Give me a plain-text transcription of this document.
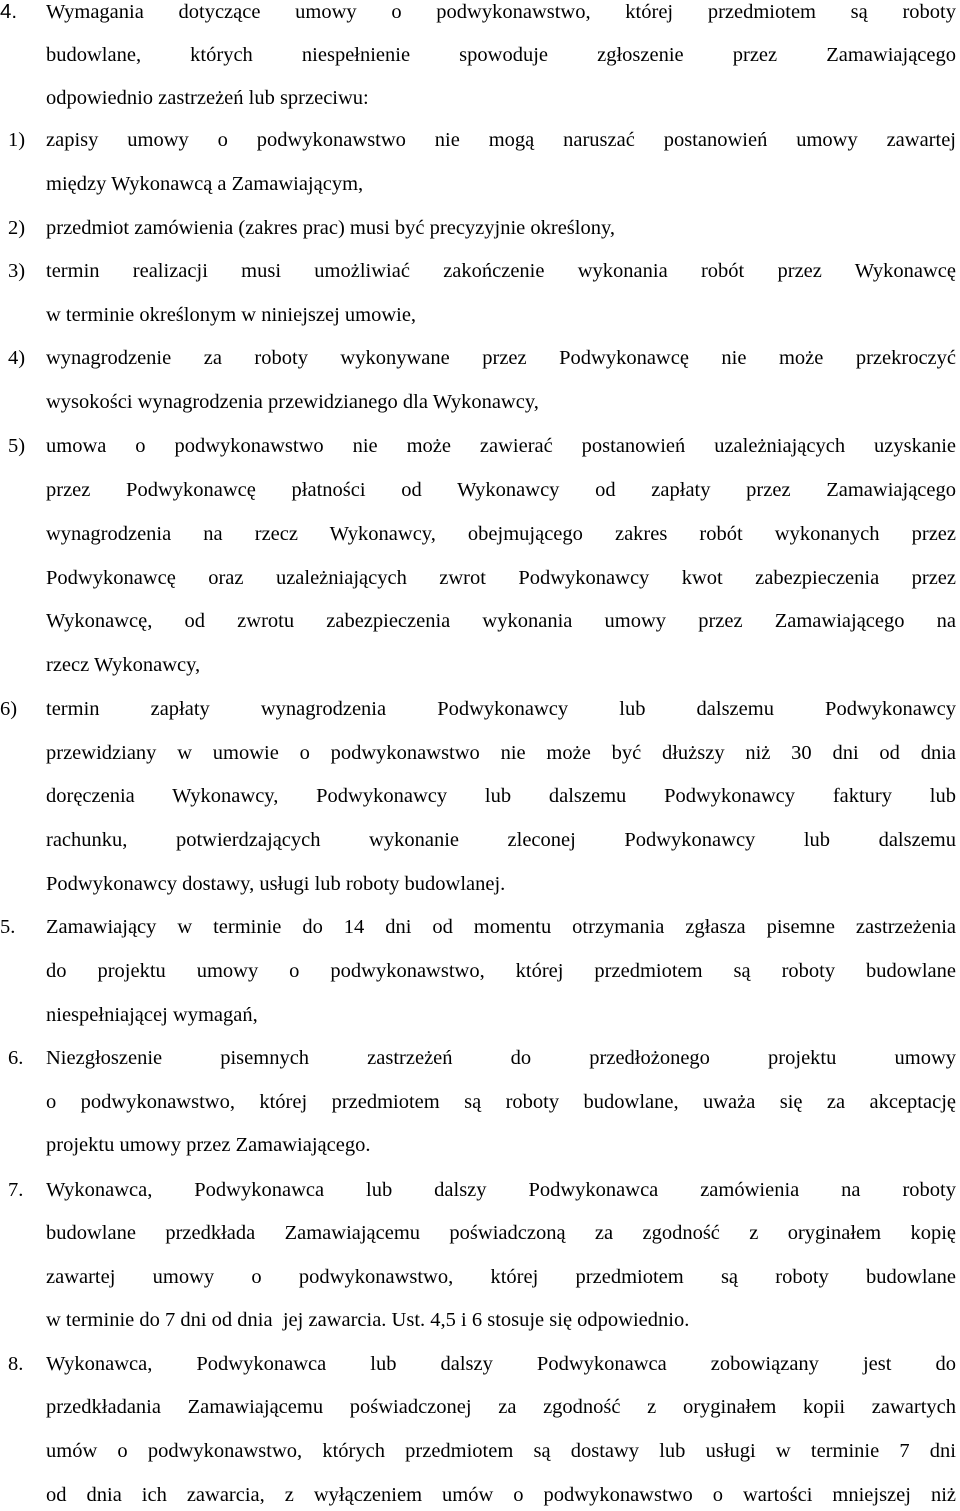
4. Wymagania dotyczące umowy o podwykonawstwo, której przedmiotem są roboty
budowlane, których niespełnienie spowoduje zgłoszenie przez Zamawiającego
odpowiednio zastrzeżeń lub sprzeciwu:
1) zapisy umowy o podwykonawstwo nie mogą naruszać postanowień umowy zawartej
między Wykonawcą a Zamawiającym,
2) przedmiot zamówienia (zakres prac) musi być precyzyjnie określony,
3) termin realizacji musi umożliwiać zakończenie wykonania robót przez Wykonawcę
w terminie określonym w niniejszej umowie,
4) wynagrodzenie za roboty wykonywane przez Podwykonawcę nie może przekroczyć
wysokości wynagrodzenia przewidzianego dla Wykonawcy,
5) umowa o podwykonawstwo nie może zawierać postanowień uzależniających uzyskanie
przez Podwykonawcę płatności od Wykonawcy od zapłaty przez Zamawiającego
wynagrodzenia na rzecz Wykonawcy, obejmującego zakres robót wykonanych przez
Podwykonawcę oraz uzależniających zwrot Podwykonawcy kwot zabezpieczenia przez
Wykonawcę, od zwrotu zabezpieczenia wykonania umowy przez Zamawiającego na
rzecz Wykonawcy,
6) termin zapłaty wynagrodzenia Podwykonawcy lub dalszemu Podwykonawcy
przewidziany w umowie o podwykonawstwo nie może być dłuższy niż 30 dni od dnia
doręczenia Wykonawcy, Podwykonawcy lub dalszemu Podwykonawcy faktury lub
rachunku, potwierdzających wykonanie zleconej Podwykonawcy lub dalszemu
Podwykonawcy dostawy, usługi lub roboty budowlanej.
5. Zamawiający w terminie do 14 dni od momentu otrzymania zgłasza pisemne zastrzeżenia
do projektu umowy o podwykonawstwo, której przedmiotem są roboty budowlane
niespełniającej wymagań,
6. Niezgłoszenie pisemnych zastrzeżeń do przedłożonego projektu umowy
o podwykonawstwo, której przedmiotem są roboty budowlane, uważa się za akceptację
projektu umowy przez Zamawiającego.
7. Wykonawca, Podwykonawca lub dalszy Podwykonawca zamówienia na roboty
budowlane przedkłada Zamawiającemu poświadczoną za zgodność z oryginałem kopię
zawartej umowy o podwykonawstwo, której przedmiotem są roboty budowlane
w terminie do 7 dni od dnia  jej zawarcia. Ust. 4,5 i 6 stosuje się odpowiednio.
8. Wykonawca, Podwykonawca lub dalszy Podwykonawca zobowiązany jest do
przedkładania Zamawiającemu poświadczonej za zgodność z oryginałem kopii zawartych
umów o podwykonawstwo, których przedmiotem są dostawy lub usługi w terminie 7 dni
od dnia ich zawarcia, z wyłączeniem umów o podwykonawstwo o wartości mniejszej niż
